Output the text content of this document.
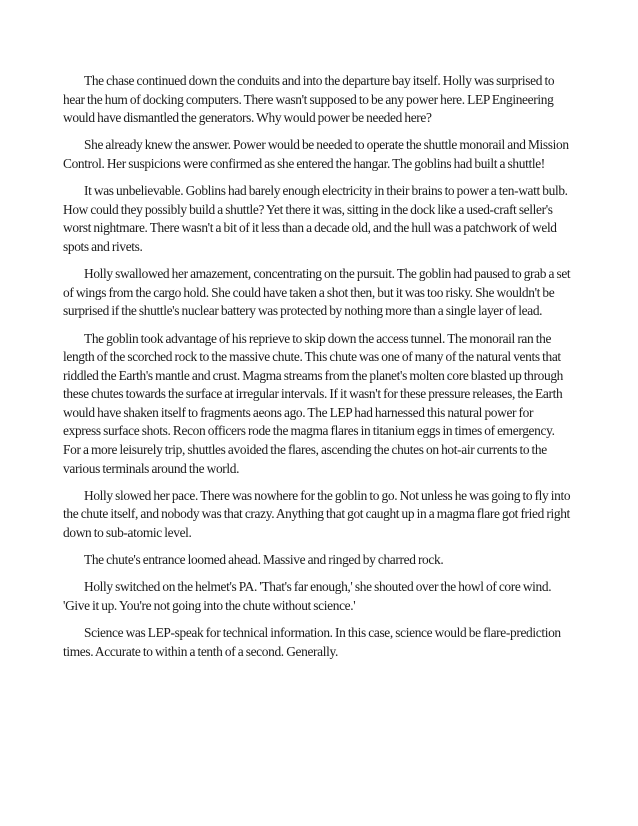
The chase continued down the conduits and into the departure bay itself. Holly was surprised to hear the hum of docking computers. There wasn't supposed to be any power here. LEP Engineering would have dismantled the generators. Why would power be needed here?

She already knew the answer. Power would be needed to operate the shuttle monorail and Mission Control. Her suspicions were confirmed as she entered the hangar. The goblins had built a shuttle!

It was unbelievable. Goblins had barely enough electricity in their brains to power a ten-watt bulb. How could they possibly build a shuttle? Yet there it was, sitting in the dock like a used-craft seller's worst nightmare. There wasn't a bit of it less than a decade old, and the hull was a patchwork of weld spots and rivets.

Holly swallowed her amazement, concentrating on the pursuit. The goblin had paused to grab a set of wings from the cargo hold. She could have taken a shot then, but it was too risky. She wouldn't be surprised if the shuttle's nuclear battery was protected by nothing more than a single layer of lead.

The goblin took advantage of his reprieve to skip down the access tunnel. The monorail ran the length of the scorched rock to the massive chute. This chute was one of many of the natural vents that riddled the Earth's mantle and crust. Magma streams from the planet's molten core blasted up through these chutes towards the surface at irregular intervals. If it wasn't for these pressure releases, the Earth would have shaken itself to fragments aeons ago. The LEP had harnessed this natural power for express surface shots. Recon officers rode the magma flares in titanium eggs in times of emergency. For a more leisurely trip, shuttles avoided the flares, ascending the chutes on hot-air currents to the various terminals around the world.

Holly slowed her pace. There was nowhere for the goblin to go. Not unless he was going to fly into the chute itself, and nobody was that crazy. Anything that got caught up in a magma flare got fried right down to sub-atomic level.

The chute's entrance loomed ahead. Massive and ringed by charred rock.

Holly switched on the helmet's PA. 'That's far enough,' she shouted over the howl of core wind. 'Give it up. You're not going into the chute without science.'

Science was LEP-speak for technical information. In this case, science would be flare-prediction times. Accurate to within a tenth of a second. Generally.
